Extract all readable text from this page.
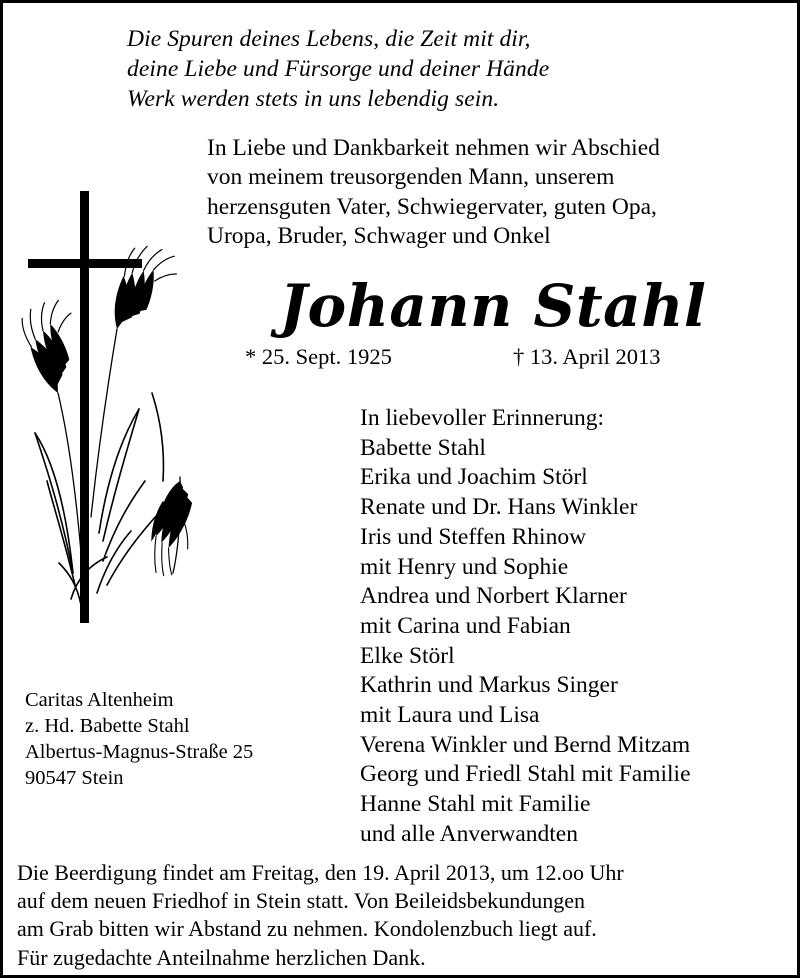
Die Spuren deines Lebens, die Zeit mit dir,
deine Liebe und Fürsorge und deiner Hände
Werk werden stets in uns lebendig sein.
In Liebe und Dankbarkeit nehmen wir Abschied
von meinem treusorgenden Mann, unserem
herzensguten Vater, Schwiegervater, guten Opa,
Uropa, Bruder, Schwager und Onkel
Johann Stahl
* 25. Sept. 1925	† 13. April 2013
In liebevoller Erinnerung:
Babette Stahl
Erika und Joachim Störl
Renate und Dr. Hans Winkler
Iris und Steffen Rhinow
mit Henry und Sophie
Andrea und Norbert Klarner
mit Carina und Fabian
Elke Störl
Kathrin und Markus Singer
mit Laura und Lisa
Verena Winkler und Bernd Mitzam
Georg und Friedl Stahl mit Familie
Hanne Stahl mit Familie
und alle Anverwandten
Caritas Altenheim
z. Hd. Babette Stahl
Albertus-Magnus-Straße 25
90547 Stein
Die Beerdigung findet am Freitag, den 19. April 2013, um 12.oo Uhr
auf dem neuen Friedhof in Stein statt. Von Beileidsbekundungen
am Grab bitten wir Abstand zu nehmen. Kondolenzbuch liegt auf.
Für zugedachte Anteilnahme herzlichen Dank.
